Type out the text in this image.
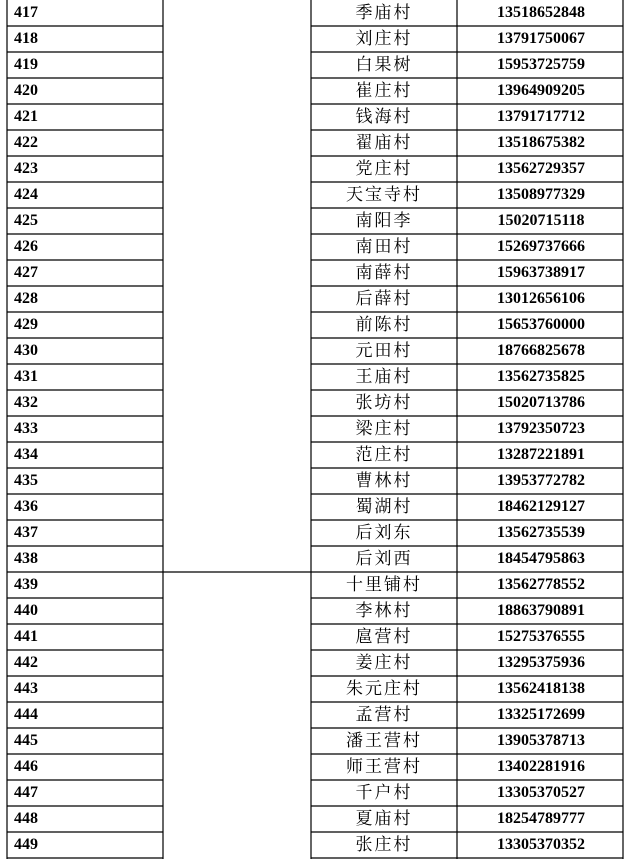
417	季庙村	13518652848
418	刘庄村	13791750067
419	白果树	15953725759
420	崔庄村	13964909205
421	钱海村	13791717712
422	翟庙村	13518675382
423	党庄村	13562729357
424	天宝寺村	13508977329
425	南阳李	15020715118
426	南田村	15269737666
427	南薛村	15963738917
428	后薛村	13012656106
429	前陈村	15653760000
430	元田村	18766825678
431	王庙村	13562735825
432	张坊村	15020713786
433	梁庄村	13792350723
434	范庄村	13287221891
435	曹林村	13953772782
436	蜀湖村	18462129127
437	后刘东	13562735539
438	后刘西	18454795863
439	十里铺村	13562778552
440	李林村	18863790891
441	扈营村	15275376555
442	姜庄村	13295375936
443	朱元庄村	13562418138
444	孟营村	13325172699
445	潘王营村	13905378713
446	师王营村	13402281916
447	千户村	13305370527
448	夏庙村	18254789777
449	张庄村	13305370352
